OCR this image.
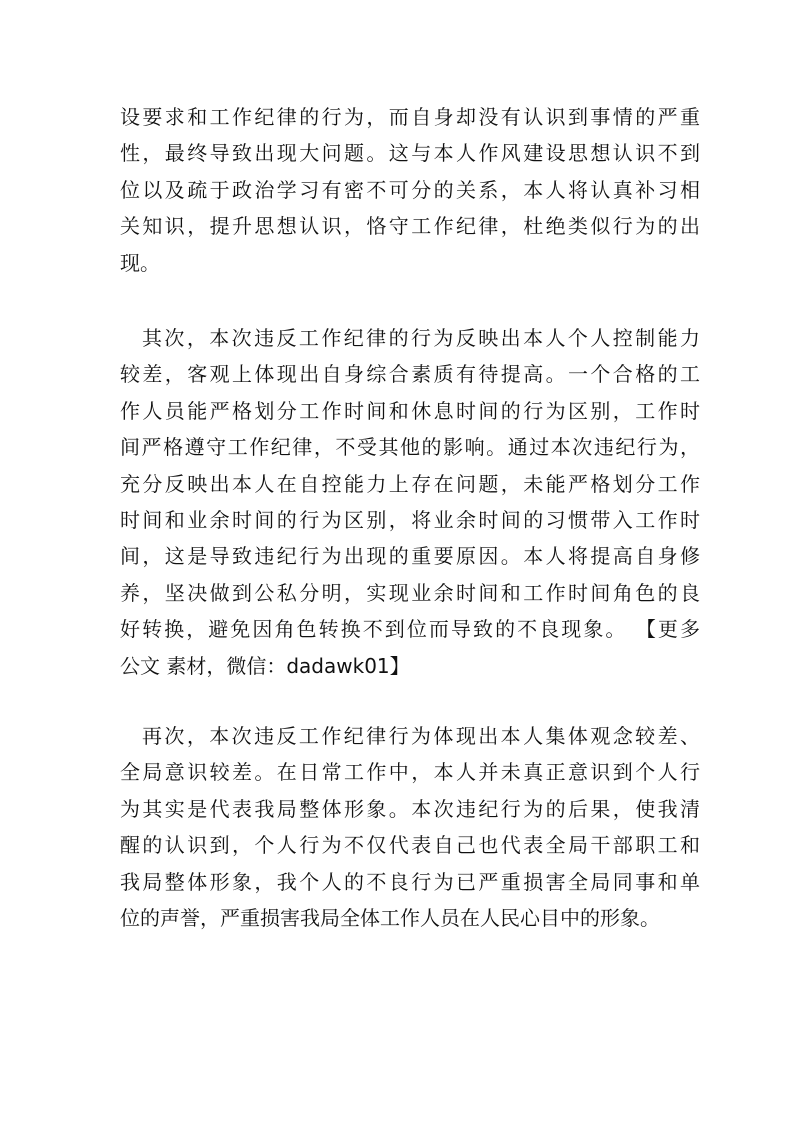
设要求和工作纪律的行为，而自身却没有认识到事情的严重
性，最终导致出现大问题。这与本人作风建设思想认识不到
位以及疏于政治学习有密不可分的关系，本人将认真补习相
关知识，提升思想认识，恪守工作纪律，杜绝类似行为的出
现。
其次，本次违反工作纪律的行为反映出本人个人控制能力
较差，客观上体现出自身综合素质有待提高。一个合格的工
作人员能严格划分工作时间和休息时间的行为区别，工作时
间严格遵守工作纪律，不受其他的影响。通过本次违纪行为，
充分反映出本人在自控能力上存在问题，未能严格划分工作
时间和业余时间的行为区别，将业余时间的习惯带入工作时
间，这是导致违纪行为出现的重要原因。本人将提高自身修
养，坚决做到公私分明，实现业余时间和工作时间角色的良
好转换，避免因角色转换不到位而导致的不良现象。 【更多
公文 素材，微信：dadawk01】
再次，本次违反工作纪律行为体现出本人集体观念较差、
全局意识较差。在日常工作中，本人并未真正意识到个人行
为其实是代表我局整体形象。本次违纪行为的后果，使我清
醒的认识到，个人行为不仅代表自己也代表全局干部职工和
我局整体形象，我个人的不良行为已严重损害全局同事和单
位的声誉，严重损害我局全体工作人员在人民心目中的形象。
